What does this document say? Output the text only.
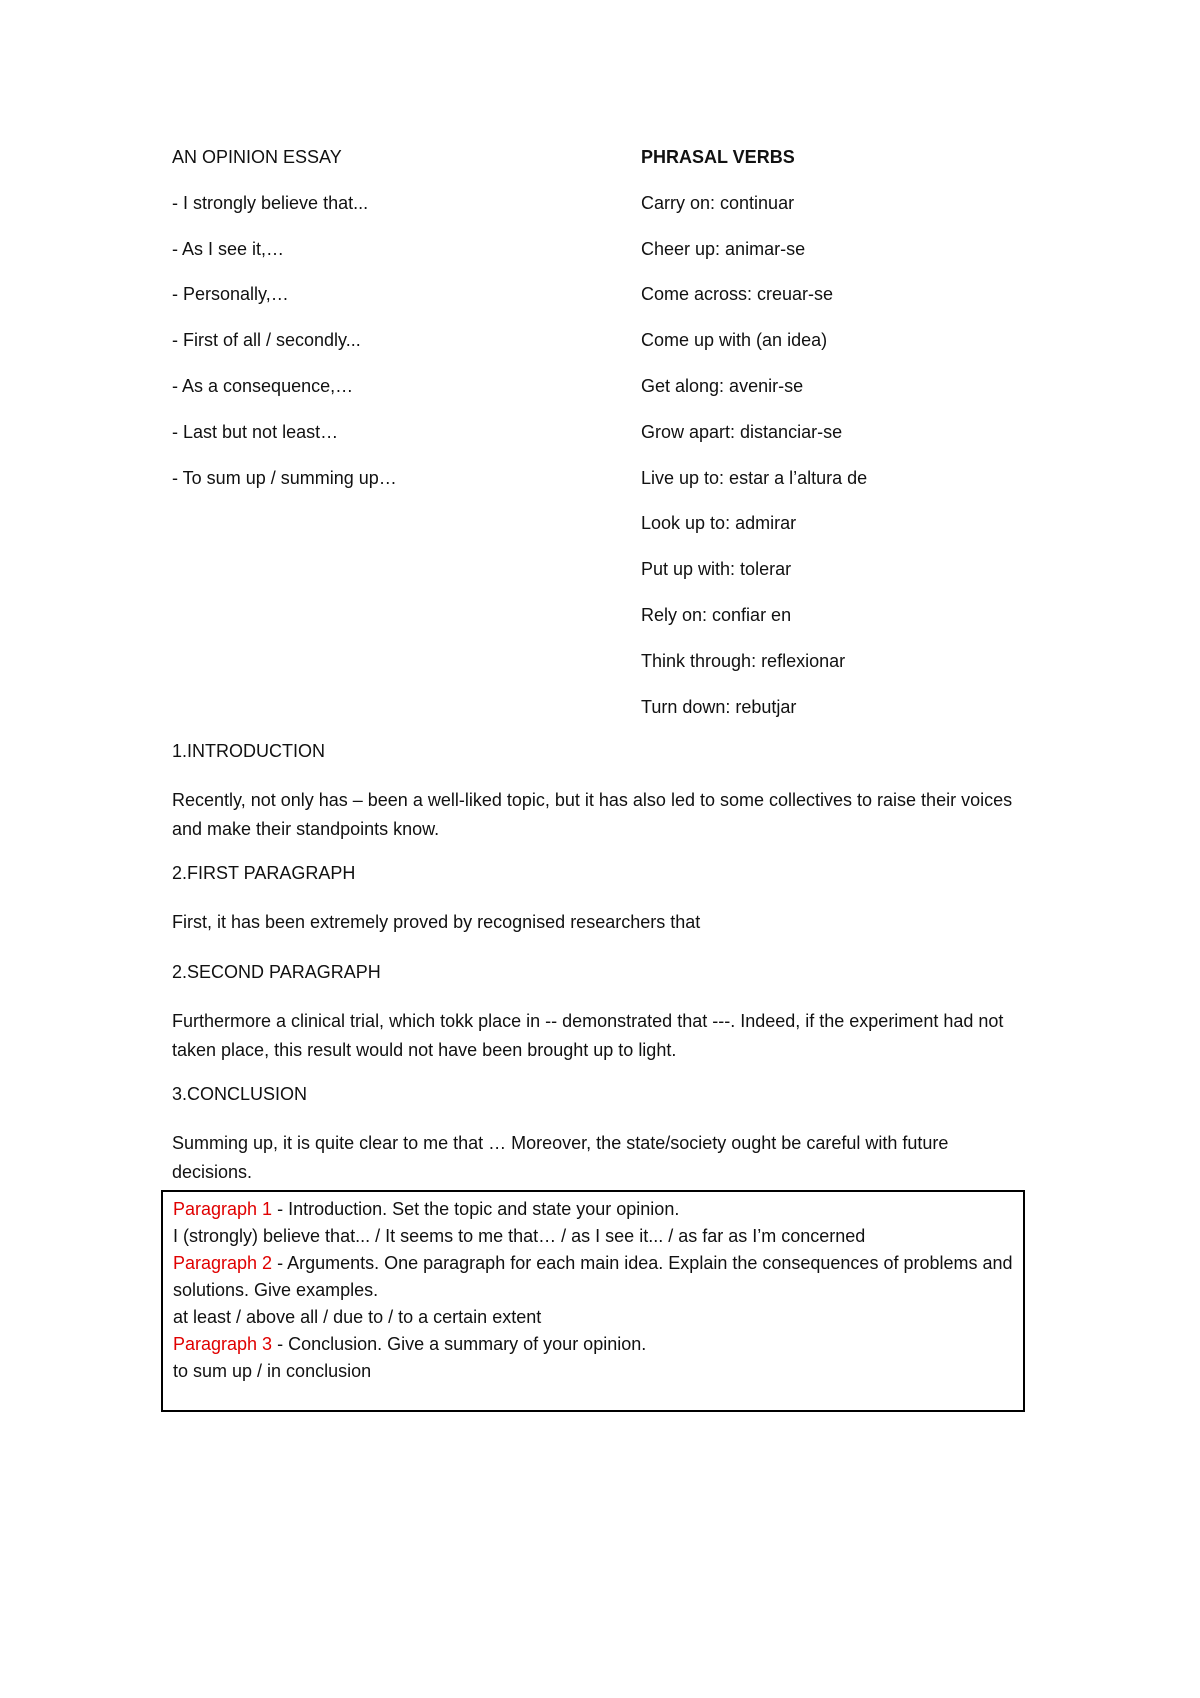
AN OPINION ESSAY
- I strongly believe that...
- As I see it,…
- Personally,…
- First of all / secondly...
- As a consequence,…
- Last but not least…
- To sum up / summing up…
PHRASAL VERBS
Carry on: continuar
Cheer up: animar-se
Come across: creuar-se
Come up with (an idea)
Get along: avenir-se
Grow apart: distanciar-se
Live up to: estar a l’altura de
Look up to: admirar
Put up with: tolerar
Rely on: confiar en
Think through: reflexionar
Turn down: rebutjar
1.INTRODUCTION
Recently, not only has – been a well-liked topic, but it has also led to some collectives to raise their voices and make their standpoints know.
2.FIRST PARAGRAPH
First, it has been extremely proved by recognised researchers that
2.SECOND PARAGRAPH
Furthermore a clinical trial, which tokk place in -- demonstrated that ---. Indeed, if the experiment had not taken place, this result would not have been brought up to light.
3.CONCLUSION
Summing up, it is quite clear to me that … Moreover, the state/society ought be careful with future decisions.
Paragraph 1 - Introduction. Set the topic and state your opinion.
I (strongly) believe that... / It seems to me that… / as I see it... / as far as I’m concerned
Paragraph 2 - Arguments. One paragraph for each main idea. Explain the consequences of problems and
solutions. Give examples.
at least / above all / due to / to a certain extent
Paragraph 3 - Conclusion. Give a summary of your opinion.
to sum up / in conclusion
